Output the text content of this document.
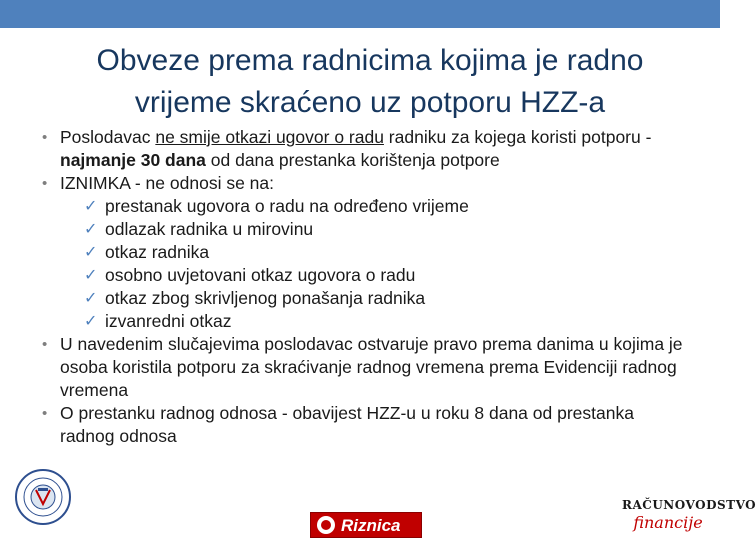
Obveze prema radnicima kojima je radno
vrijeme skraćeno uz potporu HZZ-a
• Poslodavac ne smije otkazi ugovor o radu radniku za kojega koristi potporu - najmanje 30 dana od dana prestanka korištenja potpore
• IZNIMKA - ne odnosi se na:
✓ prestanak ugovora o radu na određeno vrijeme
✓ odlazak radnika u mirovinu
✓ otkaz radnika
✓ osobno uvjetovani otkaz ugovora o radu
✓ otkaz zbog skrivljenog ponašanja radnika
✓ izvanredni otkaz
• U navedenim slučajevima poslodavac ostvaruje pravo prema danima u kojima je osoba koristila potporu za skraćivanje radnog vremena prema Evidenciji radnog vremena
• O prestanku radnog odnosa - obavijest HZZ-u u roku 8 dana od prestanka radnog odnosa
Riznica
RAČUNOVODSTVO
financije
